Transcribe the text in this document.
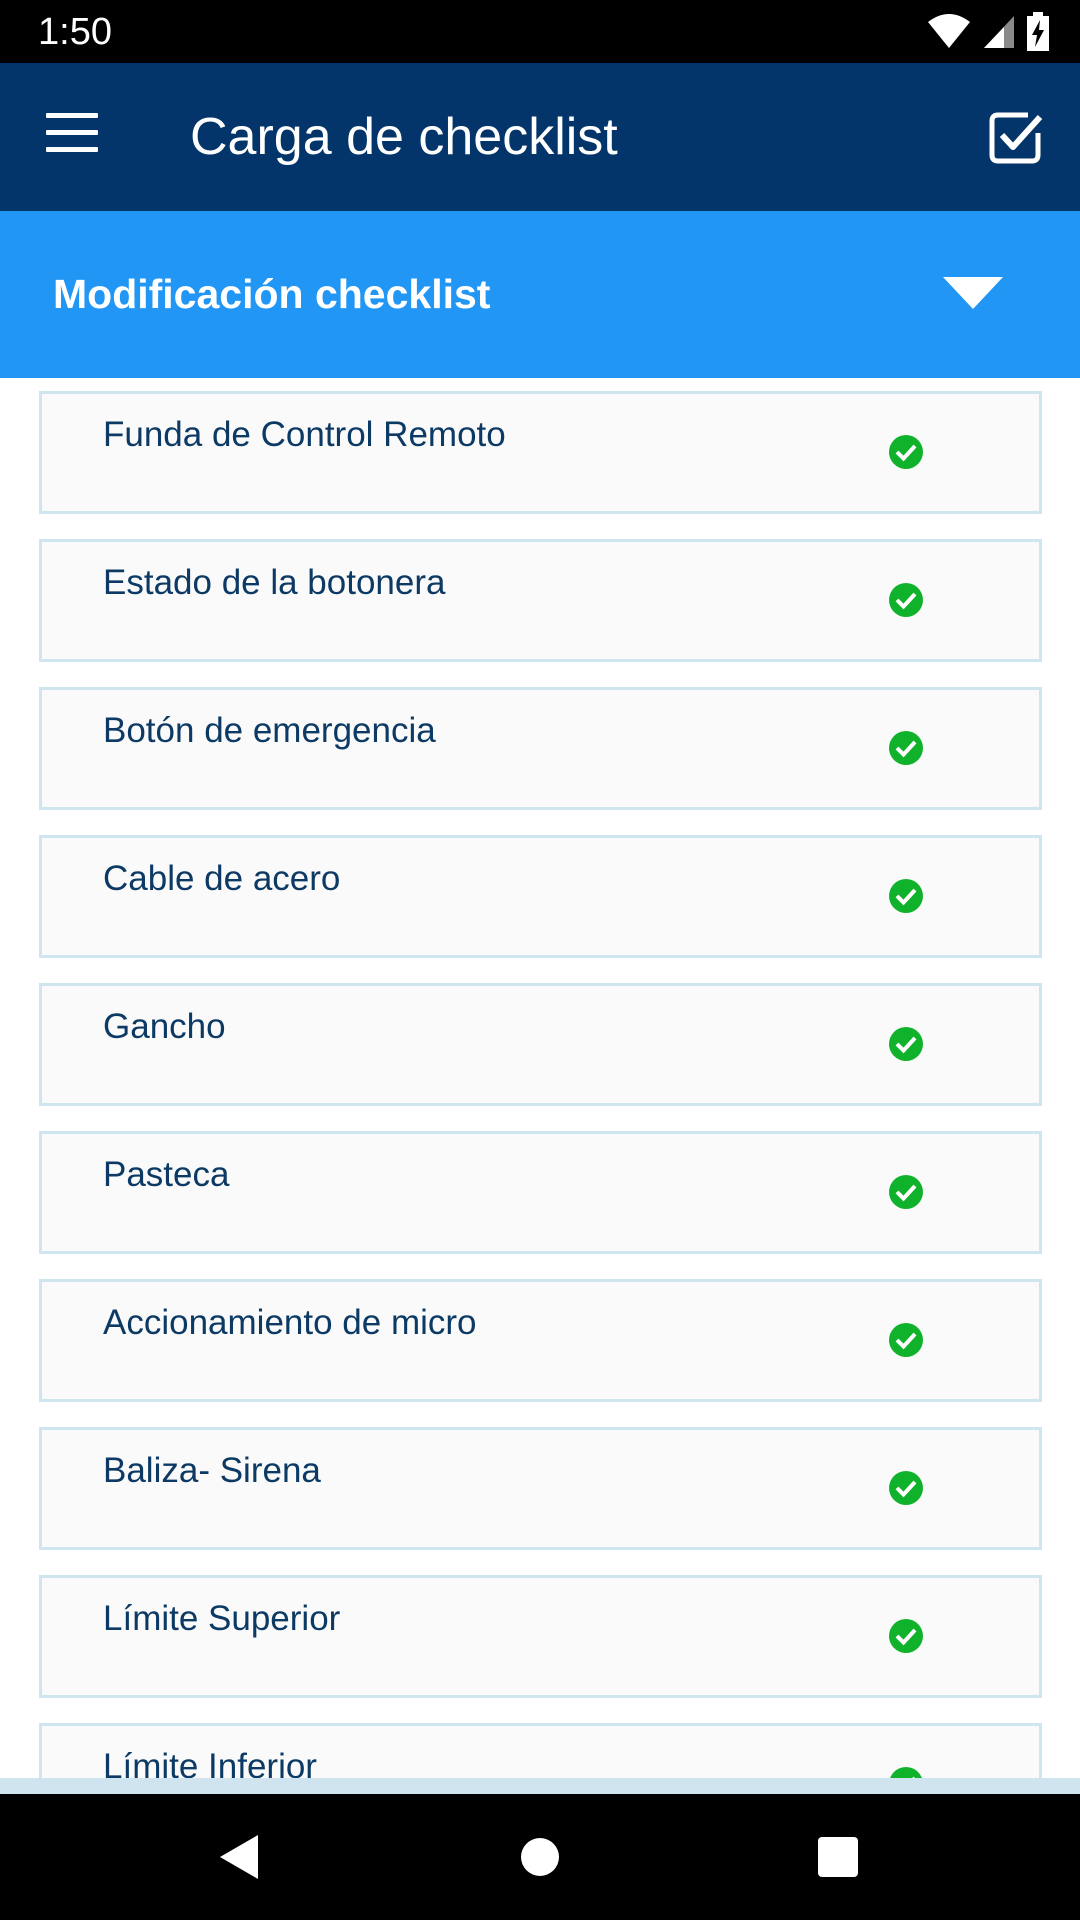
1:50

Carga de checklist
Modificación checklist
Funda de Control Remoto
Estado de la botonera
Botón de emergencia
Cable de acero
Gancho
Pasteca
Accionamiento de micro
Baliza- Sirena
Límite Superior
Límite Inferior
